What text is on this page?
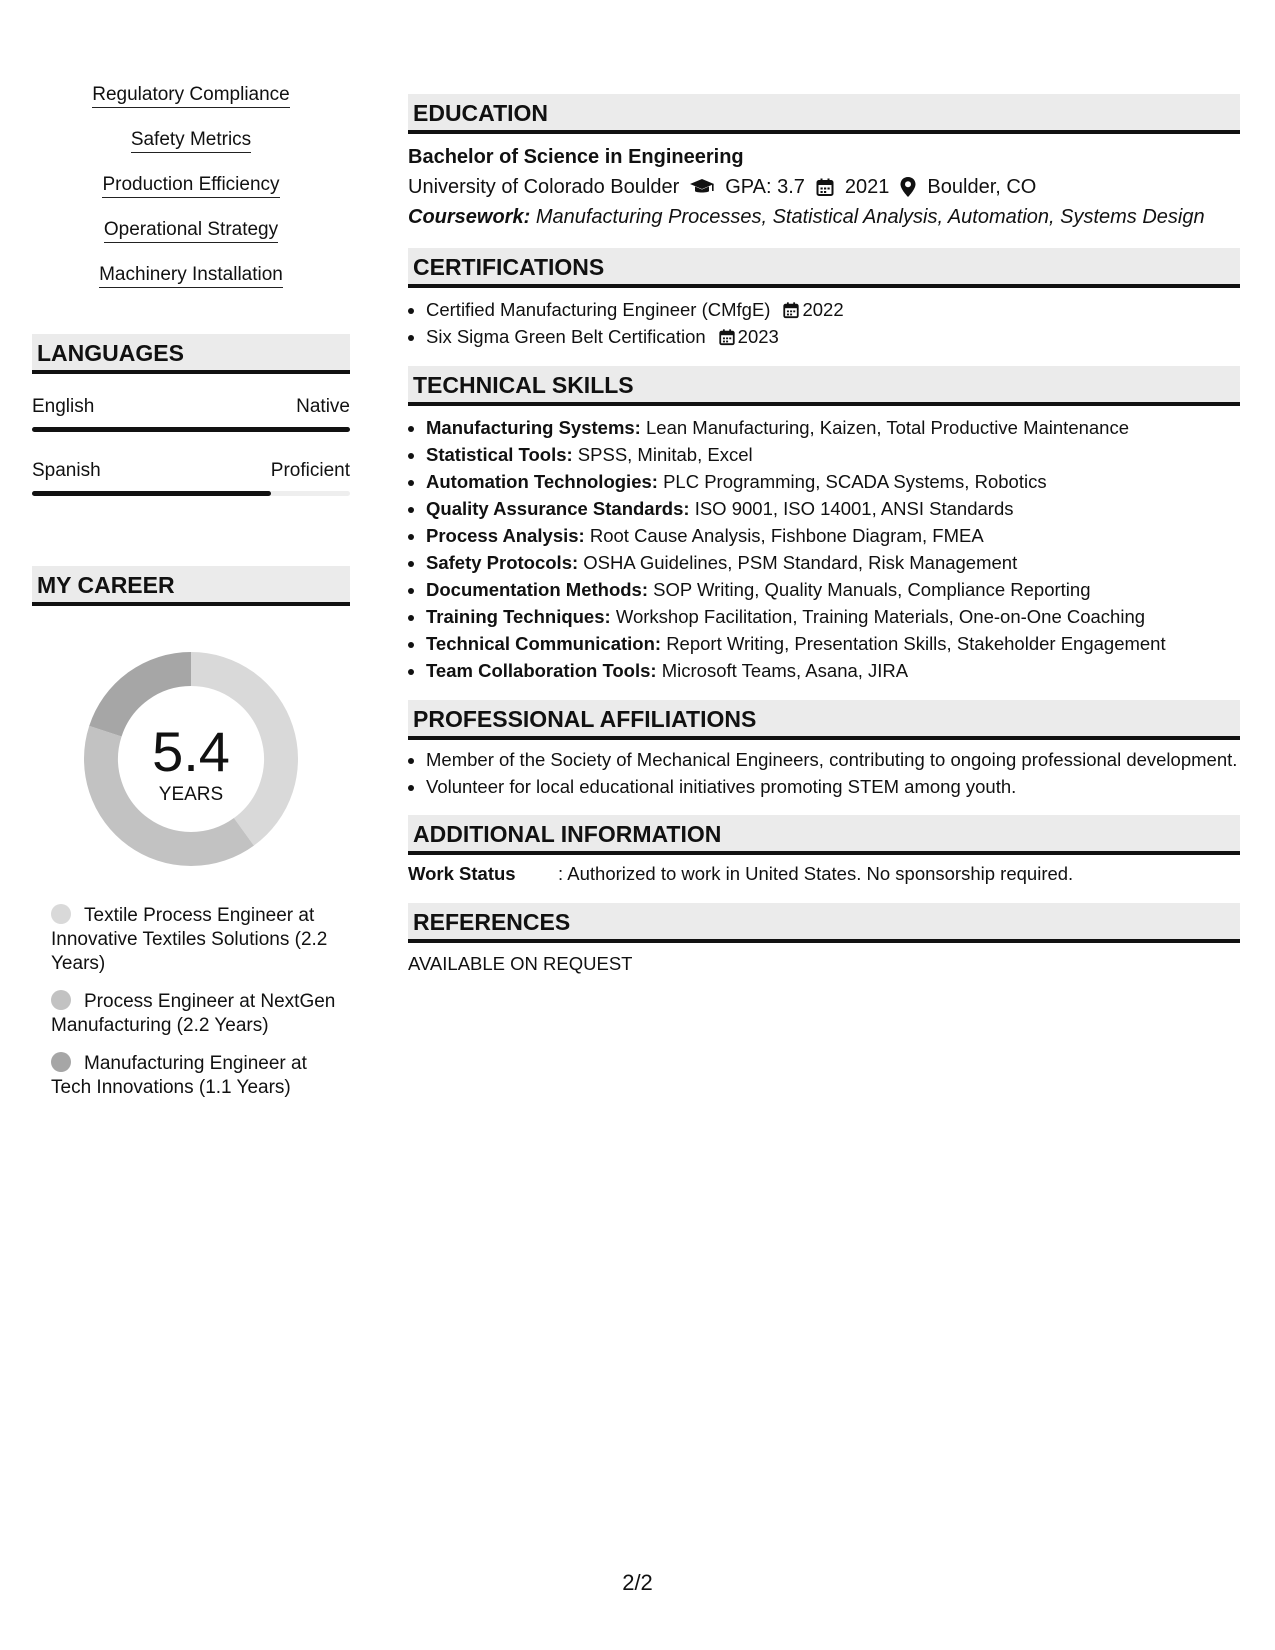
Regulatory Compliance
Safety Metrics
Production Efficiency
Operational Strategy
Machinery Installation
LANGUAGES
English	Native
Spanish	Proficient
MY CAREER
5.4
YEARS
Textile Process Engineer at Innovative Textiles Solutions (2.2 Years)
Process Engineer at NextGen Manufacturing (2.2 Years)
Manufacturing Engineer at Tech Innovations (1.1 Years)
EDUCATION
Bachelor of Science in Engineering
University of Colorado Boulder GPA: 3.7 2021 Boulder, CO
Coursework: Manufacturing Processes, Statistical Analysis, Automation, Systems Design
CERTIFICATIONS
• Certified Manufacturing Engineer (CMfgE) 2022
• Six Sigma Green Belt Certification 2023
TECHNICAL SKILLS
• Manufacturing Systems: Lean Manufacturing, Kaizen, Total Productive Maintenance
• Statistical Tools: SPSS, Minitab, Excel
• Automation Technologies: PLC Programming, SCADA Systems, Robotics
• Quality Assurance Standards: ISO 9001, ISO 14001, ANSI Standards
• Process Analysis: Root Cause Analysis, Fishbone Diagram, FMEA
• Safety Protocols: OSHA Guidelines, PSM Standard, Risk Management
• Documentation Methods: SOP Writing, Quality Manuals, Compliance Reporting
• Training Techniques: Workshop Facilitation, Training Materials, One-on-One Coaching
• Technical Communication: Report Writing, Presentation Skills, Stakeholder Engagement
• Team Collaboration Tools: Microsoft Teams, Asana, JIRA
PROFESSIONAL AFFILIATIONS
• Member of the Society of Mechanical Engineers, contributing to ongoing professional development.
• Volunteer for local educational initiatives promoting STEM among youth.
ADDITIONAL INFORMATION
Work Status	: Authorized to work in United States. No sponsorship required.
REFERENCES
AVAILABLE ON REQUEST
2/2
